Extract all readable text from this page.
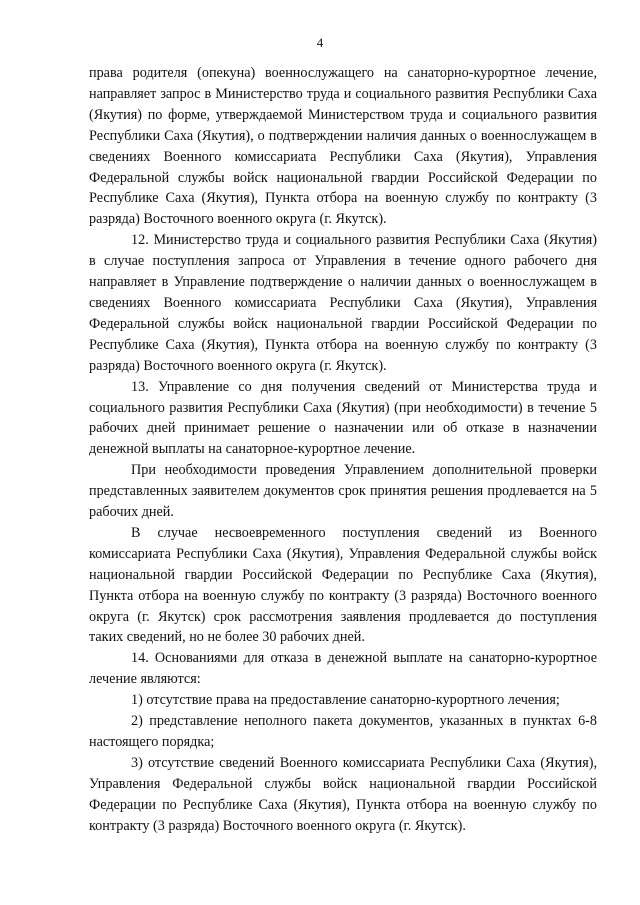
4

права родителя (опекуна) военнослужащего на санаторно-курортное лечение, направляет запрос в Министерство труда и социального развития Республики Саха (Якутия) по форме, утверждаемой Министерством труда и социального развития Республики Саха (Якутия), о подтверждении наличия данных о военнослужащем в сведениях Военного комиссариата Республики Саха (Якутия), Управления Федеральной службы войск национальной гвардии Российской Федерации по Республике Саха (Якутия), Пункта отбора на военную службу по контракту (3 разряда) Восточного военного округа (г. Якутск).

12. Министерство труда и социального развития Республики Саха (Якутия) в случае поступления запроса от Управления в течение одного рабочего дня направляет в Управление подтверждение о наличии данных о военнослужащем в сведениях Военного комиссариата Республики Саха (Якутия), Управления Федеральной службы войск национальной гвардии Российской Федерации по Республике Саха (Якутия), Пункта отбора на военную службу по контракту (3 разряда) Восточного военного округа (г. Якутск).

13. Управление со дня получения сведений от Министерства труда и социального развития Республики Саха (Якутия) (при необходимости) в течение 5 рабочих дней принимает решение о назначении или об отказе в назначении денежной выплаты на санаторное-курортное лечение.

При необходимости проведения Управлением дополнительной проверки представленных заявителем документов срок принятия решения продлевается на 5 рабочих дней.

В случае несвоевременного поступления сведений из Военного комиссариата Республики Саха (Якутия), Управления Федеральной службы войск национальной гвардии Российской Федерации по Республике Саха (Якутия), Пункта отбора на военную службу по контракту (3 разряда) Восточного военного округа (г. Якутск) срок рассмотрения заявления продлевается до поступления таких сведений, но не более 30 рабочих дней.

14. Основаниями для отказа в денежной выплате на санаторно-курортное лечение являются:

1) отсутствие права на предоставление санаторно-курортного лечения;

2) представление неполного пакета документов, указанных в пунктах 6-8 настоящего порядка;

3) отсутствие сведений Военного комиссариата Республики Саха (Якутия), Управления Федеральной службы войск национальной гвардии Российской Федерации по Республике Саха (Якутия), Пункта отбора на военную службу по контракту (3 разряда) Восточного военного округа (г. Якутск).
